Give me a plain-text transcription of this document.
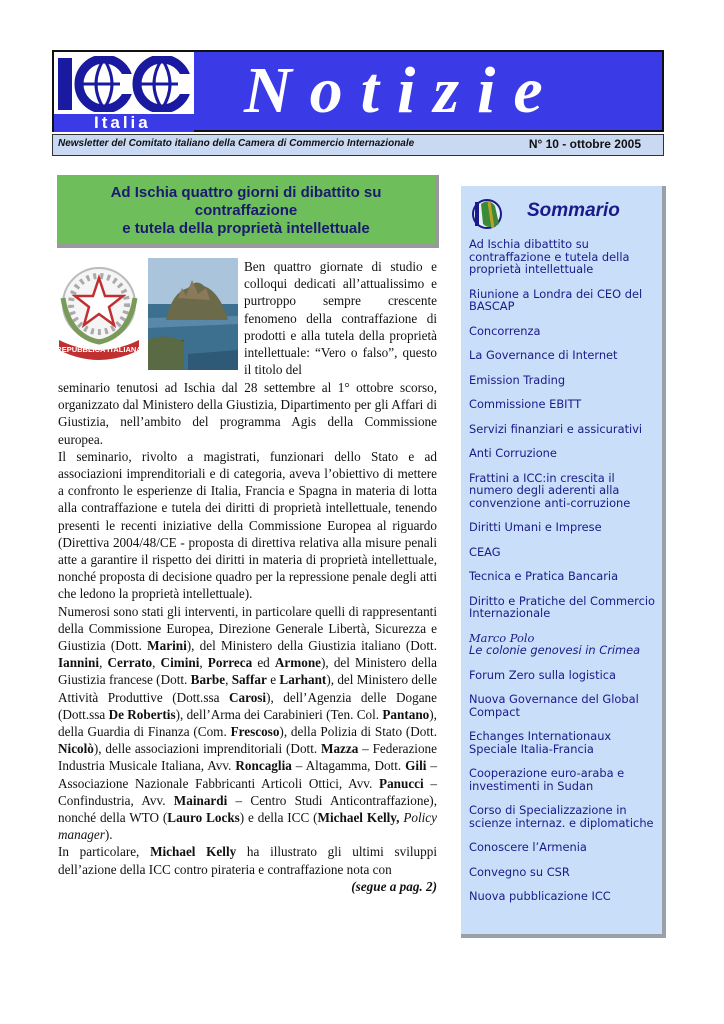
Italia	Notizie
Newsletter del Comitato italiano della Camera di Commercio Internazionale	N° 10 - ottobre 2005
Ad Ischia quattro giorni di dibattito su
contraffazione
e tutela della proprietà intellettuale
REPUBBLICA ITALIANA

Ben quattro giornate di studio e colloqui dedicati all’attualissimo e purtroppo sempre crescente fenomeno della contraffazione di prodotti e alla tutela della proprietà intellettuale: “Vero o falso”, questo il titolo del

seminario tenutosi ad Ischia dal 28 settembre al 1° ottobre scorso, organizzato dal Ministero della Giustizia, Dipartimento per gli Affari di Giustizia, nell’ambito del programma Agis della Commissione europea.

Il seminario, rivolto a magistrati, funzionari dello Stato e ad associazioni imprenditoriali e di categoria, aveva l’obiettivo di mettere a confronto le esperienze di Italia, Francia e Spagna in materia di lotta alla contraffazione e tutela dei diritti di proprietà intellettuale, tenendo presenti le recenti iniziative della Commissione Europea al riguardo (Direttiva 2004/48/CE - proposta di direttiva relativa alla misure penali atte a garantire il rispetto dei diritti in materia di proprietà intellettuale, nonché proposta di decisione quadro per la repressione penale degli atti che ledono la proprietà intellettuale).

Numerosi sono stati gli interventi, in particolare quelli di rappresentanti della Commissione Europea, Direzione Generale Libertà, Sicurezza e Giustizia (Dott. Marini), del Ministero della Giustizia italiano (Dott. Iannini, Cerrato, Cimini, Porreca ed Armone), del Ministero della Giustizia francese (Dott. Barbe, Saffar e Larhant), del Ministero delle Attività Produttive (Dott.ssa Carosi), dell’Agenzia delle Dogane (Dott.ssa De Robertis), dell’Arma dei Carabinieri (Ten. Col. Pantano), della Guardia di Finanza (Com. Frescoso), della Polizia di Stato (Dott. Nicolò), delle associazioni imprenditoriali (Dott. Mazza – Federazione Industria Musicale Italiana, Avv. Roncaglia – Altagamma, Dott. Gili – Associazione Nazionale Fabbricanti Articoli Ottici, Avv. Panucci – Confindustria, Avv. Mainardi – Centro Studi Anticontraffazione), nonché della WTO (Lauro Locks) e della ICC (Michael Kelly, Policy manager).

In particolare, Michael Kelly ha illustrato gli ultimi sviluppi dell’azione della ICC contro pirateria e contraffazione nota con

(segue a pag. 2)

Sommario
Ad Ischia dibattito su contraffazione e tutela della proprietà intellettuale
Riunione a Londra dei CEO del BASCAP
Concorrenza
La Governance di Internet
Emission Trading
Commissione EBITT
Servizi finanziari e assicurativi
Anti Corruzione
Frattini a ICC:in crescita il numero degli aderenti alla convenzione anti-corruzione
Diritti Umani e Imprese
CEAG
Tecnica e Pratica Bancaria
Diritto e Pratiche del Commercio Internazionale
Marco Polo
Le colonie genovesi in Crimea
Forum Zero sulla logistica
Nuova Governance del Global Compact
Echanges Internationaux Speciale Italia-Francia
Cooperazione euro-araba e investimenti in Sudan
Corso di Specializzazione in scienze internaz. e diplomatiche
Conoscere l’Armenia
Convegno su CSR
Nuova pubblicazione ICC
